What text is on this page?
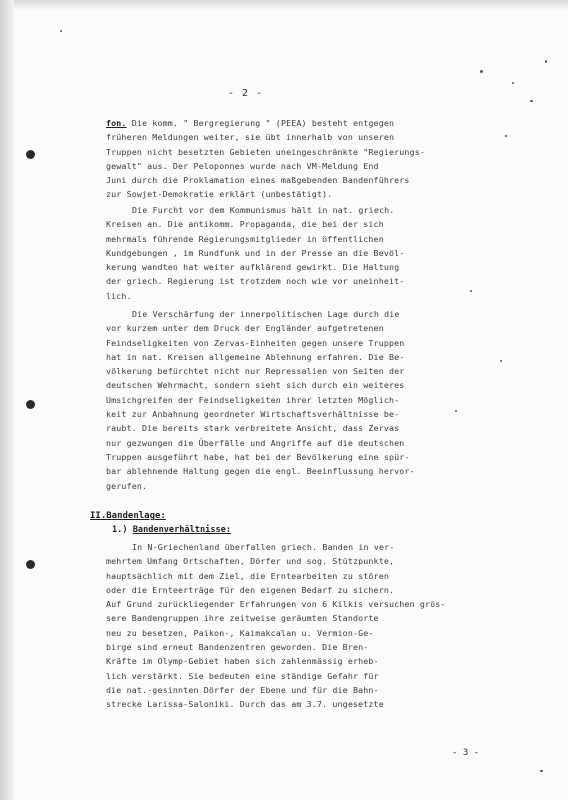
- 2 -
fon. Die komm. " Bergregierung " (PEEA) besteht entgegen
früheren Meldungen weiter, sie übt innerhalb von unseren
Truppen nicht besetzten Gebieten uneingeschränkte "Regierungs-
gewalt" aus. Der Peloponnes wurde nach VM-Meldung End
Juni durch die Proklamation eines maßgebenden Bandenführers
zur Sowjet-Demokratie erklärt (unbestätigt).
Die Furcht vor dem Kommunismus hält in nat. griech.
Kreisen an. Die antikomm. Propaganda, die bei der sich
mehrmals führende Regierungsmitglieder in öffentlichen
Kundgebungen , im Rundfunk und in der Presse an die Bevöl-
kerung wandten hat weiter aufklärend gewirkt. Die Haltung
der griech. Regierung ist trotzdem noch wie vor uneinheit-
lich.
Die Verschärfung der innerpolitischen Lage durch die
vor kurzem unter dem Druck der Engländer aufgetretenen
Feindseligkeiten von Zervas-Einheiten gegen unsere Truppen
hat in nat. Kreisen allgemeine Ablehnung erfahren. Die Be-
völkerung befürchtet nicht nur Repressalien von Seiten der
deutschen Wehrmacht, sondern sieht sich durch ein weiteres
Umsichgreifen der Feindseligkeiten ihrer letzten Möglich-
keit zur Anbahnung geordneter Wirtschaftsverhältnisse be-
raubt. Die bereits stark verbreitete Ansicht, dass Zervas
nur gezwungen die Überfälle und Angriffe auf die deutschen
Truppen ausgeführt habe, hat bei der Bevölkerung eine spür-
bar ablehnende Haltung gegen die engl. Beeinflussung hervor-
gerufen.
II.Bandenlage:
1.) Bandenverhältnisse:
In N-Griechenland überfallen griech. Banden in ver-
mehrtem Umfang Ortschaften, Dörfer und sog. Stützpunkte,
hauptsächlich mit dem Ziel, die Erntearbeiten zu stören
oder die Ernteerträge für den eigenen Bedarf zu sichern.
Auf Grund zurückliegender Erfahrungen von 6 Kilkis versuchen grös-
sere Bandengruppen ihre zeitweise geräumten Standorte
neu zu besetzen, Paikon-, Kaimakcalan u. Vermion-Ge-
birge sind erneut Bandenzentren geworden. Die Bren-
Kräfte im Olymp-Gebiet haben sich zahlenmässig erheb-
lich verstärkt. Sie bedeuten eine ständige Gefahr für
die nat.-gesinnten Dörfer der Ebene und für die Bahn-
strecke Larissa-Saloniki. Durch das am 3.7. ungesetzte
- 3 -
